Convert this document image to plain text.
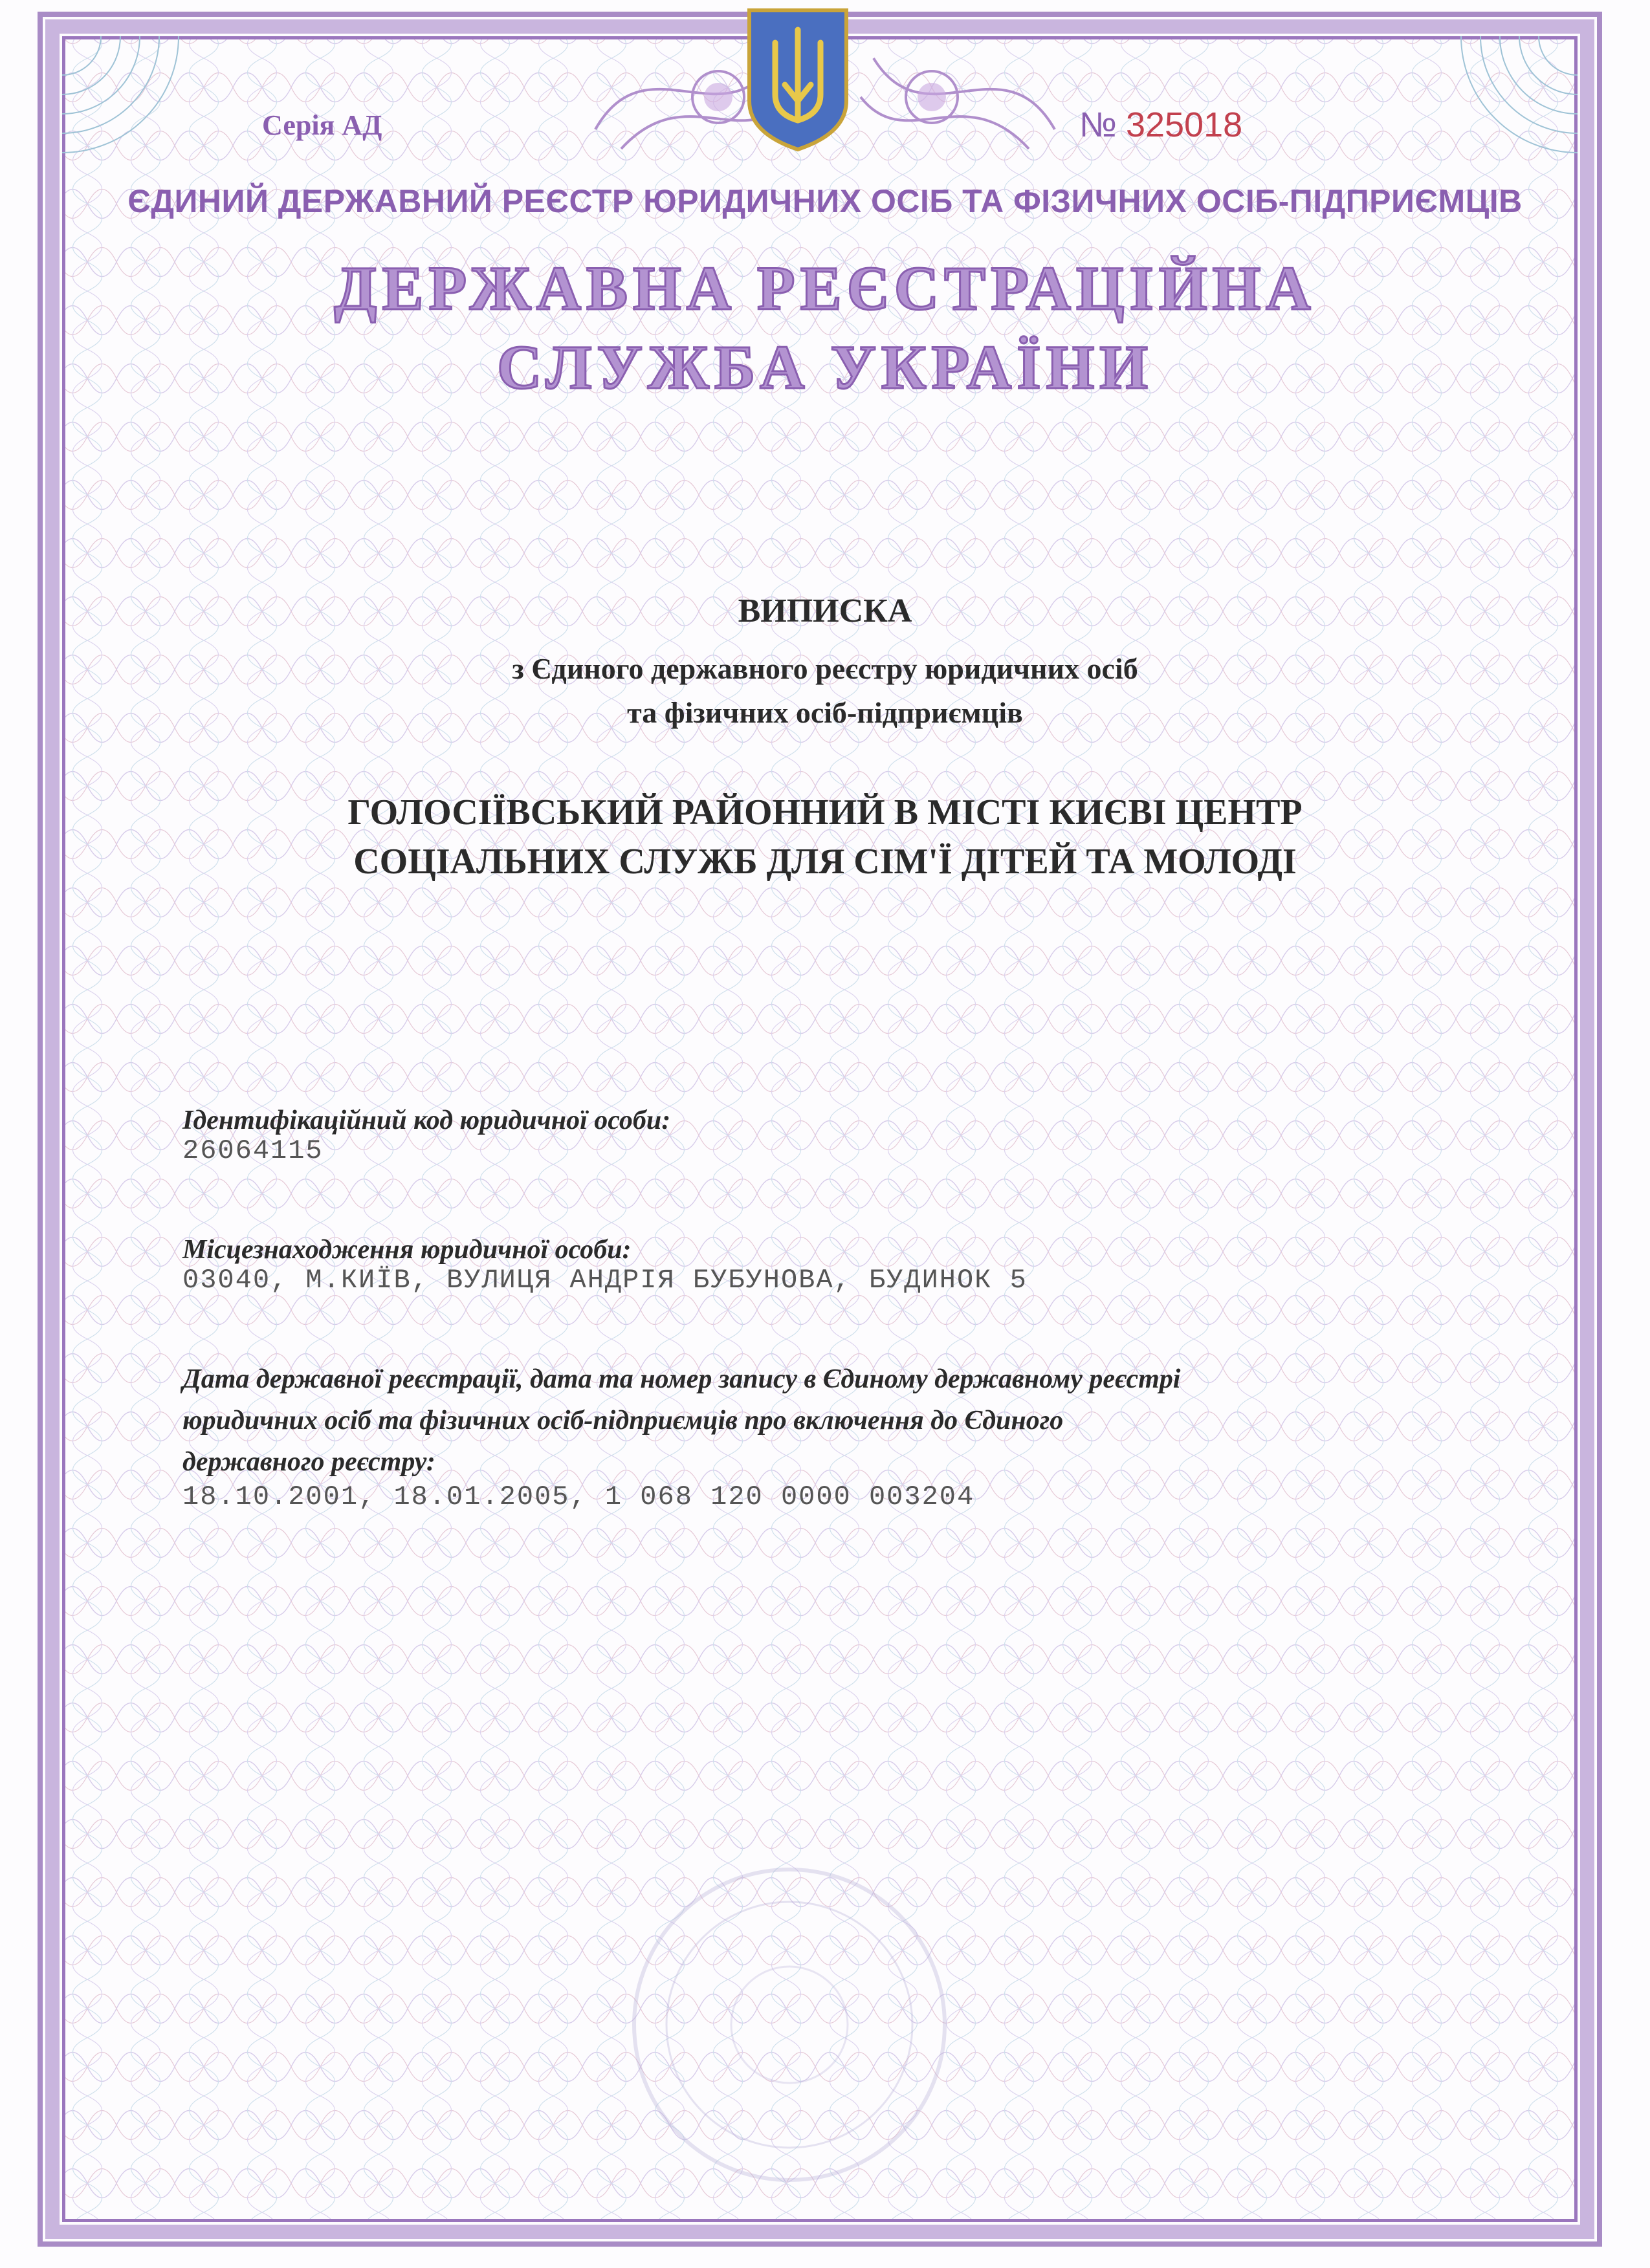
Серія АД	№ 325018
ЄДИНИЙ ДЕРЖАВНИЙ РЕЄСТР ЮРИДИЧНИХ ОСІБ ТА ФІЗИЧНИХ ОСІБ-ПІДПРИЄМЦІВ
ДЕРЖАВНА РЕЄСТРАЦІЙНА
СЛУЖБА УКРАЇНИ
ВИПИСКА
з Єдиного державного реєстру юридичних осіб
та фізичних осіб-підприємців
ГОЛОСІЇВСЬКИЙ РАЙОННИЙ В МІСТІ КИЄВІ ЦЕНТР
СОЦІАЛЬНИХ СЛУЖБ ДЛЯ СІМ'Ї ДІТЕЙ ТА МОЛОДІ
Ідентифікаційний код юридичної особи:
26064115
Місцезнаходження юридичної особи:
03040, М.КИЇВ, ВУЛИЦЯ АНДРІЯ БУБУНОВА, БУДИНОК 5
Дата державної реєстрації, дата та номер запису в Єдиному державному реєстрі
юридичних осіб та фізичних осіб-підприємців про включення до Єдиного
державного реєстру:
18.10.2001, 18.01.2005, 1 068 120 0000 003204
